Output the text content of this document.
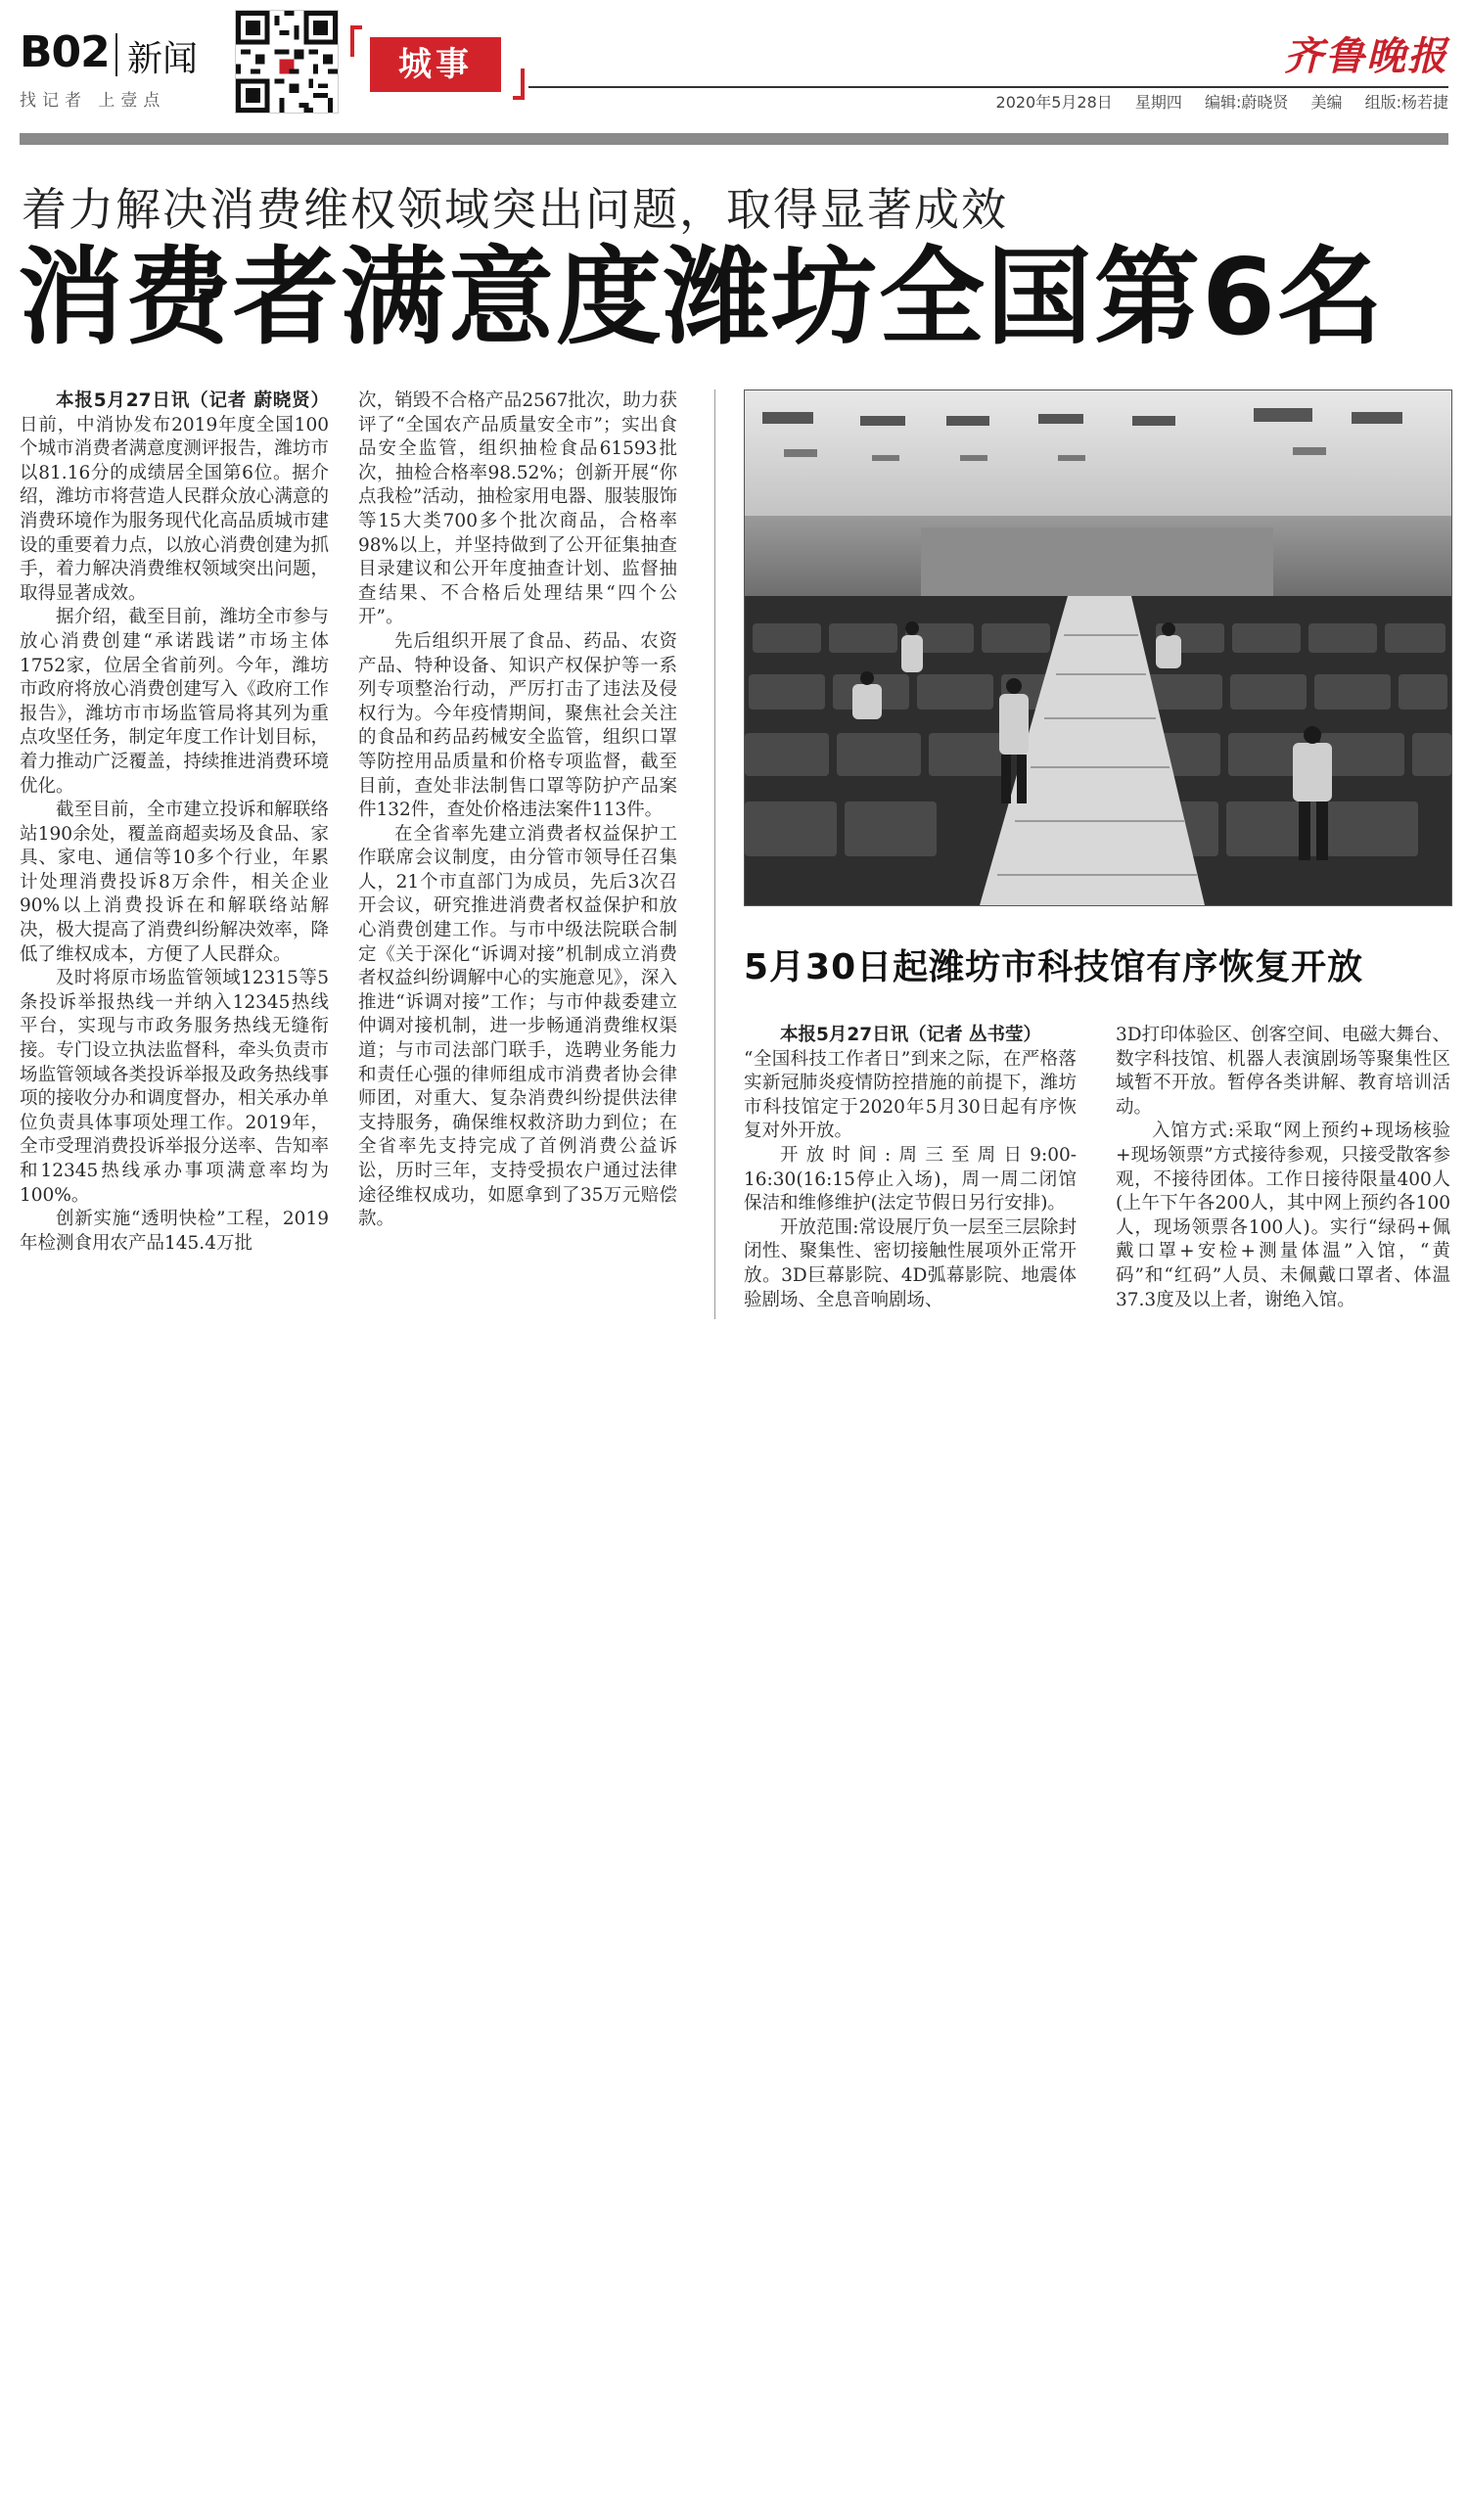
B02 新闻
找记者 上壹点
城事	齐鲁晚报
2020年5月28日 星期四 编辑:蔚晓贤 美编 组版:杨若捷
着力解决消费维权领域突出问题，取得显著成效
消费者满意度潍坊全国第6名

本报5月27日讯（记者 蔚晓贤）日前，中消协发布2019年度全国100个城市消费者满意度测评报告，潍坊市以81.16分的成绩居全国第6位。据介绍，潍坊市将营造人民群众放心满意的消费环境作为服务现代化高品质城市建设的重要着力点，以放心消费创建为抓手，着力解决消费维权领域突出问题，取得显著成效。

据介绍，截至目前，潍坊全市参与放心消费创建“承诺践诺”市场主体1752家，位居全省前列。今年，潍坊市政府将放心消费创建写入《政府工作报告》，潍坊市市场监管局将其列为重点攻坚任务，制定年度工作计划目标，着力推动广泛覆盖，持续推进消费环境优化。

截至目前，全市建立投诉和解联络站190余处，覆盖商超卖场及食品、家具、家电、通信等10多个行业，年累计处理消费投诉8万余件，相关企业90%以上消费投诉在和解联络站解决，极大提高了消费纠纷解决效率，降低了维权成本，方便了人民群众。

及时将原市场监管领域12315等5条投诉举报热线一并纳入12345热线平台，实现与市政务服务热线无缝衔接。专门设立执法监督科，牵头负责市场监管领域各类投诉举报及政务热线事项的接收分办和调度督办，相关承办单位负责具体事项处理工作。2019年，全市受理消费投诉举报分送率、告知率和12345热线承办事项满意率均为100%。

创新实施“透明快检”工程，2019年检测食用农产品145.4万批

次，销毁不合格产品2567批次，助力获评了“全国农产品质量安全市”；实出食品安全监管，组织抽检食品61593批次，抽检合格率98.52%；创新开展“你点我检”活动，抽检家用电器、服装服饰等15大类700多个批次商品，合格率98%以上，并坚持做到了公开征集抽查目录建议和公开年度抽查计划、监督抽查结果、不合格后处理结果“四个公开”。

先后组织开展了食品、药品、农资产品、特种设备、知识产权保护等一系列专项整治行动，严厉打击了违法及侵权行为。今年疫情期间，聚焦社会关注的食品和药品药械安全监管，组织口罩等防控用品质量和价格专项监督，截至目前，查处非法制售口罩等防护产品案件132件，查处价格违法案件113件。

在全省率先建立消费者权益保护工作联席会议制度，由分管市领导任召集人，21个市直部门为成员，先后3次召开会议，研究推进消费者权益保护和放心消费创建工作。与市中级法院联合制定《关于深化“诉调对接”机制成立消费者权益纠纷调解中心的实施意见》，深入推进“诉调对接”工作；与市仲裁委建立仲调对接机制，进一步畅通消费维权渠道；与市司法部门联手，选聘业务能力和责任心强的律师组成市消费者协会律师团，对重大、复杂消费纠纷提供法律支持服务，确保维权救济助力到位；在全省率先支持完成了首例消费公益诉讼，历时三年，支持受损农户通过法律途径维权成功，如愿拿到了35万元赔偿款。

5月30日起潍坊市科技馆有序恢复开放

本报5月27日讯（记者 丛书莹）
“全国科技工作者日”到来之际，在严格落实新冠肺炎疫情防控措施的前提下，潍坊市科技馆定于2020年5月30日起有序恢复对外开放。

开放时间:周三至周日9:00-16:30(16:15停止入场)，周一周二闭馆保洁和维修维护(法定节假日另行安排)。

开放范围:常设展厅负一层至三层除封闭性、聚集性、密切接触性展项外正常开放。3D巨幕影院、4D弧幕影院、地震体验剧场、全息音响剧场、

3D打印体验区、创客空间、电磁大舞台、数字科技馆、机器人表演剧场等聚集性区域暂不开放。暂停各类讲解、教育培训活动。

入馆方式:采取“网上预约+现场核验+现场领票”方式接待参观，只接受散客参观，不接待团体。工作日接待限量400人(上午下午各200人，其中网上预约各100人，现场领票各100人)。实行“绿码+佩戴口罩+安检+测量体温”入馆，“黄码”和“红码”人员、未佩戴口罩者、体温37.3度及以上者，谢绝入馆。
